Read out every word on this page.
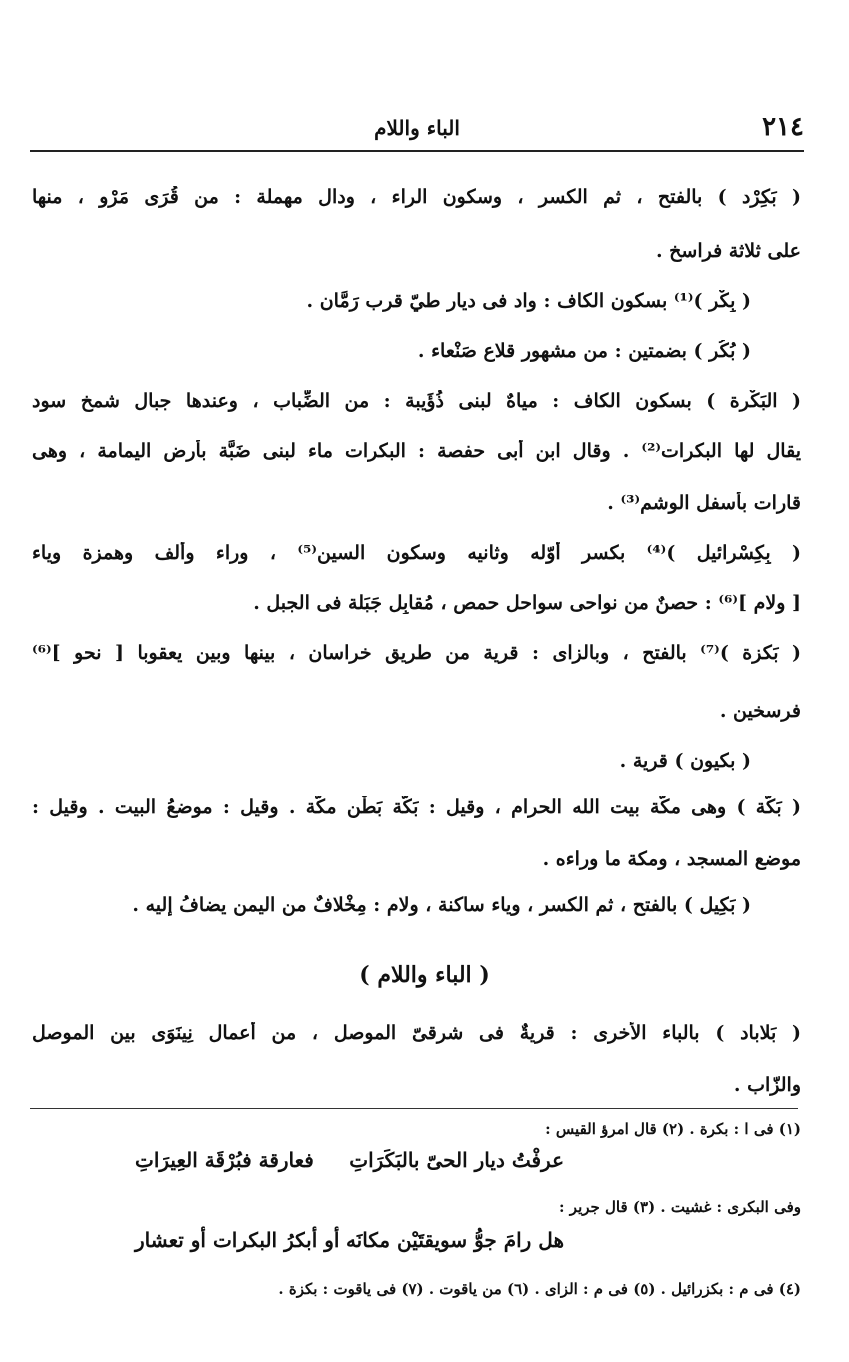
٢١٤
الباء واللام
( بَكِرْد ) بالفتح ، ثم الكسر ، وسكون الراء ، ودال مهملة : من قُرَى مَرْو ، منها
على ثلاثة فراسخ .
( بِكْر )⁽¹⁾ بسكون الكاف : واد فى ديار طيّ قرب رَمَّان .
( بُكُر ) بضمتين : من مشهور قلاع صَنْعاء .
( البَكْرة ) بسكون الكاف : مياهٌ لبنى ذُؤَيبة : من الضِّباب ، وعندها جبال شمخ سود
يقال لها البكرات⁽²⁾ . وقال ابن أبى حفصة : البكرات ماء لبنى ضَبَّة بأرض اليمامة ، وهى
قارات بأسفل الوشم⁽³⁾ .
( بِكِسْرائيل )⁽⁴⁾ بكسر أوّله وثانيه وسكون السين⁽⁵⁾ ، وراء وألف وهمزة وياء
[ ولام ]⁽⁶⁾ : حصنٌ من نواحى سواحل حمص ، مُقابِل جَبَلة فى الجبل .
( بَكزة )⁽⁷⁾ بالفتح ، وبالزاى : قرية من طريق خراسان ، بينها وبين يعقوبا [ نحو ]⁽⁶⁾
فرسخين .
( بكيون ) قرية .
( بَكّة ) وهى مكّة بيت الله الحرام ، وقيل : بَكّة بَطْن مكّة . وقيل : موضعُ البيت . وقيل :
موضع المسجد ، ومكة ما وراءه .
( بَكِيل ) بالفتح ، ثم الكسر ، وياء ساكنة ، ولام : مِخْلافٌ من اليمن يضافُ إليه .
( الباء واللام )
( بَلاباد ) بالباء الأخرى : قريةٌ فى شرقىّ الموصل ، من أعمال نِينَوَى بين الموصل
والزّاب .
(١) فى ا : بكرة . (٢) قال امرؤ القيس :
عرفْتُ ديار الحىّ بالبَكَرَاتِ
فعارقة فبُرْقَة العِيرَاتِ
وفى البكرى : غشيت . (٣) قال جرير :
هل رامَ جوُّ سويقتَيْن مكانَه
أو أبكرُ البكرات أو تعشار
(٤) فى م : بكزرائيل . (٥) فى م : الزاى . (٦) من ياقوت . (٧) فى ياقوت : بكزة .
